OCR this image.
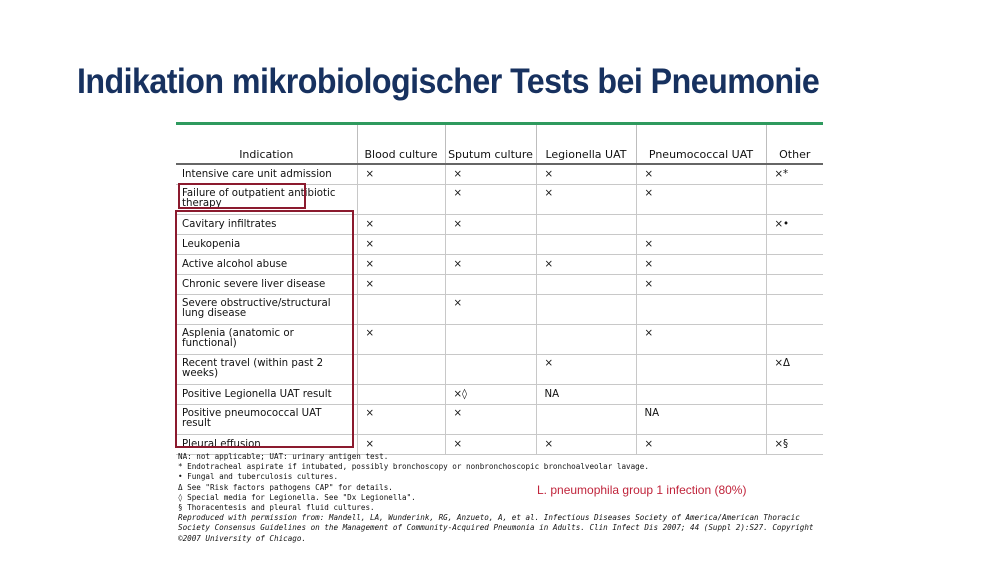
Indikation mikrobiologischer Tests bei Pneumonie
Indication	Blood culture	Sputum culture	Legionella UAT	Pneumococcal UAT	Other
Intensive care unit admission	×	×	×	×	×*
Failure of outpatient antibiotic therapy		×	×	×	
Cavitary infiltrates	×	×			×•
Leukopenia	×			×	
Active alcohol abuse	×	×	×	×	
Chronic severe liver disease	×			×	
Severe obstructive/structural lung disease		×			
Asplenia (anatomic or functional)	×			×	
Recent travel (within past 2 weeks)			×		×Δ
Positive Legionella UAT result		×◊	NA		
Positive pneumococcal UAT result	×	×		NA	
Pleural effusion	×	×	×	×	×§
NA: not applicable; UAT: urinary antigen test.
* Endotracheal aspirate if intubated, possibly bronchoscopy or nonbronchoscopic bronchoalveolar lavage.
• Fungal and tuberculosis cultures.
Δ See "Risk factors pathogens CAP" for details.
◊ Special media for Legionella. See "Dx Legionella".
§ Thoracentesis and pleural fluid cultures.
Reproduced with permission from: Mandell, LA, Wunderink, RG, Anzueto, A, et al. Infectious Diseases Society of America/American Thoracic Society Consensus Guidelines on the Management of Community-Acquired Pneumonia in Adults. Clin Infect Dis 2007; 44 (Suppl 2):S27. Copyright ©2007 University of Chicago.
L. pneumophila group 1 infection (80%)
